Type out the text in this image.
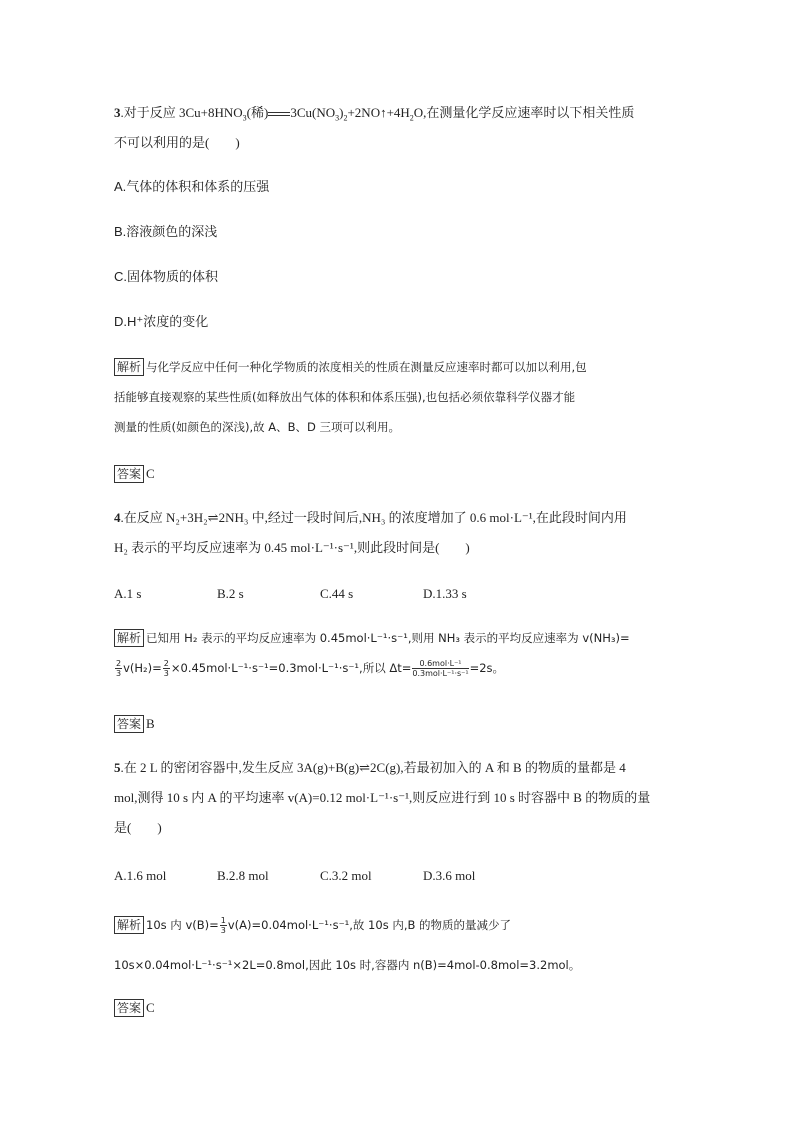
3.对于反应 $3Cu+8HNO_3$(稀) $3Cu(NO_3)_2+2NO↑+4H_2O$,在测量化学反应速率时以下相关性质
不可以利用的是(　　)
A.气体的体积和体系的压强
B.溶液颜色的深浅
C.固体物质的体积
D.H⁺浓度的变化
解析 与化学反应中任何一种化学物质的浓度相关的性质在测量反应速率时都可以加以利用,包
括能够直接观察的某些性质(如释放出气体的体积和体系压强),也包括必须依靠科学仪器才能
测量的性质(如颜色的深浅),故 A、B、D 三项可以利用。
答案 C
4.在反应 N₂+3H₂⇌2NH₃ 中,经过一段时间后,NH₃ 的浓度增加了 0.6 mol·L⁻¹,在此段时间内用
H₂ 表示的平均反应速率为 0.45 mol·L⁻¹·s⁻¹,则此段时间是(　　)
A.1 s	B.2 s	C.44 s	D.1.33 s
解析 已知用 H₂ 表示的平均反应速率为 0.45mol·L⁻¹·s⁻¹,则用 NH₃ 表示的平均反应速率为 v(NH₃)=
$\frac{2}{3} v(H_2)= \frac{2}{3} \times 0.45mol\cdot L^{-1}\cdot s^{-1}=0.3mol\cdot L^{-1}\cdot s^{-1}$,所以 $\Delta t= \frac{\text{0.6mol·L⁻¹}}{\text{0.3mol·L⁻¹·s⁻¹}} =2s$。
答案 B
5.在 2 L 的密闭容器中,发生反应 3A(g)+B(g)⇌2C(g),若最初加入的 A 和 B 的物质的量都是 4
mol,测得 10 s 内 A 的平均速率 v(A)=0.12 mol·L⁻¹·s⁻¹,则反应进行到 10 s 时容器中 B 的物质的量
是(　　)
A.1.6 mol	B.2.8 mol	C.3.2 mol	D.3.6 mol
解析 10s 内 $v(B)= \frac{1}{3} v(A)=0.04mol\cdot L^{-1}\cdot s^{-1}$,故 10s 内,B 的物质的量减少了
10s×0.04mol·L⁻¹·s⁻¹×2L=0.8mol,因此 10s 时,容器内 n(B)=4mol-0.8mol=3.2mol。
答案 C
